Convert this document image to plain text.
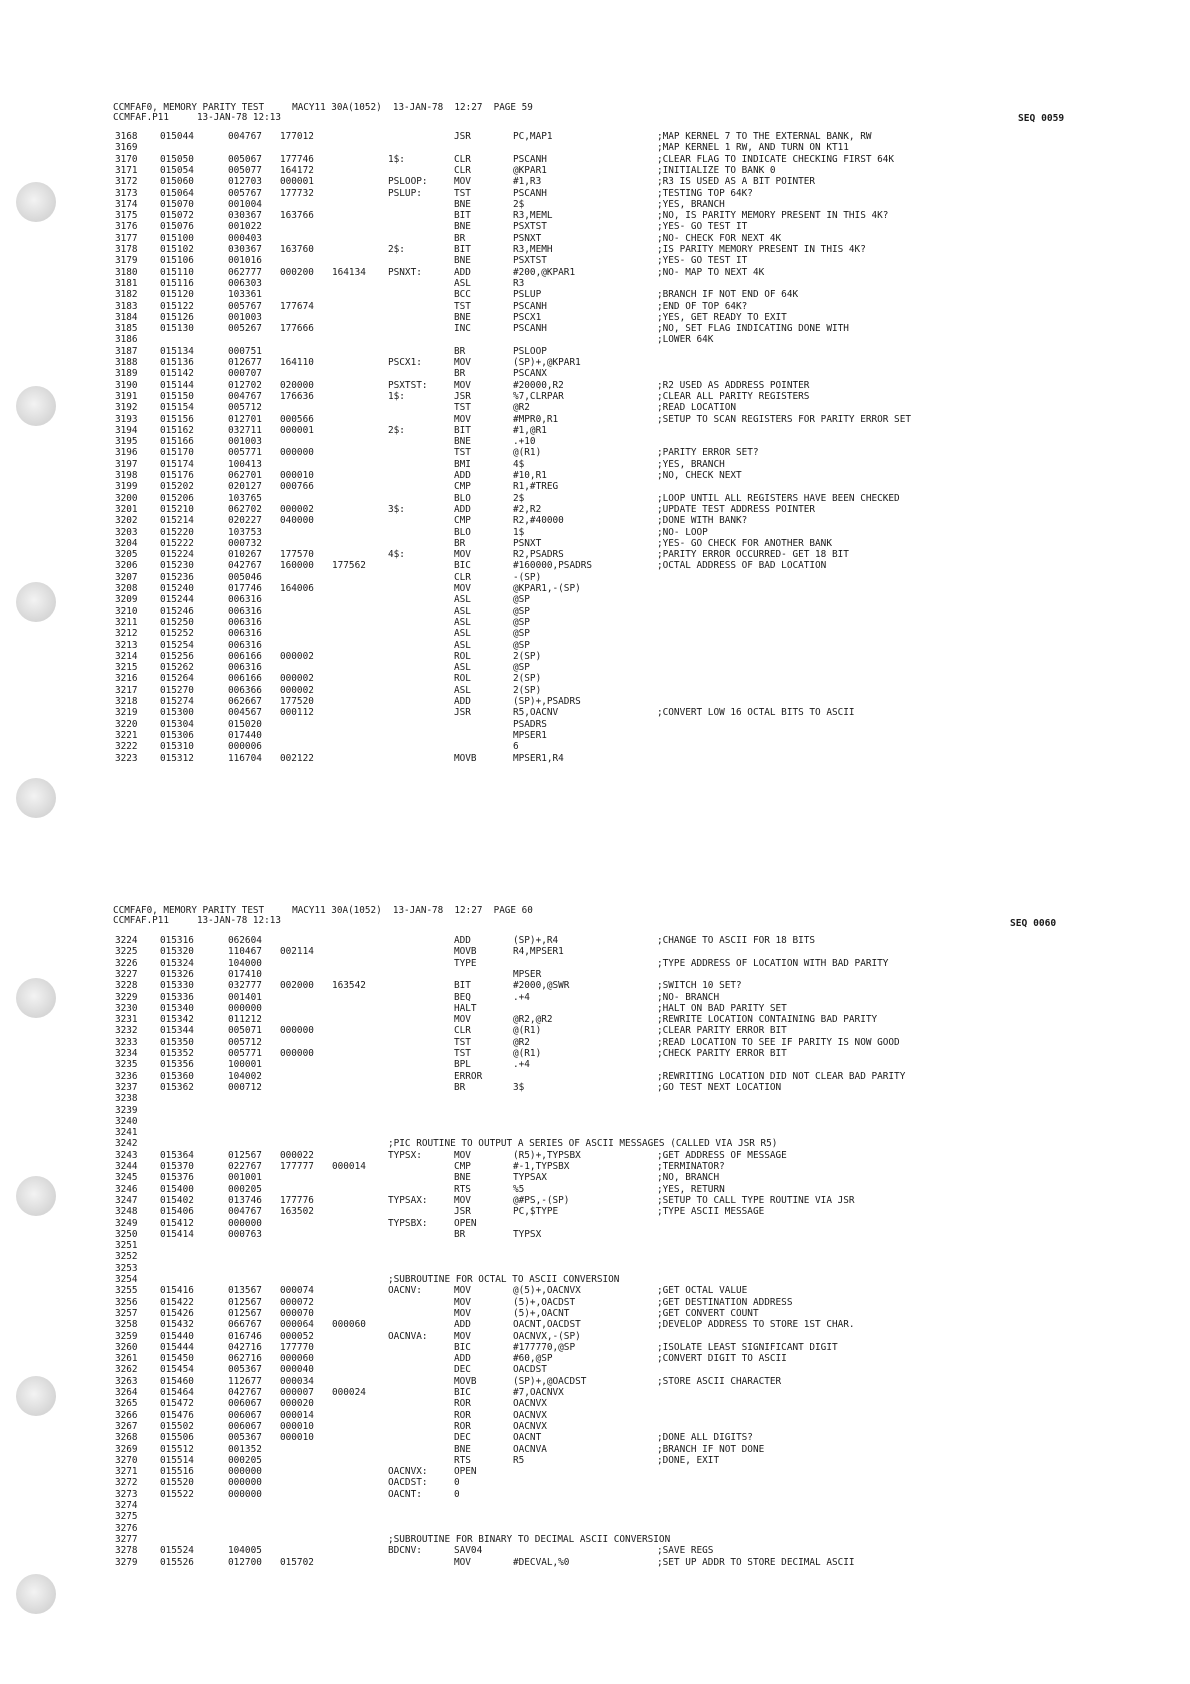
CCMFAF0, MEMORY PARITY TEST     MACY11 30A(1052)  13-JAN-78  12:27  PAGE 59
CCMFAF.P11     13-JAN-78 12:13	SEQ 0059
3168 015044	004767 177012	JSR	PC,MAP1	;MAP KERNEL 7 TO THE EXTERNAL BANK, RW
3169	;MAP KERNEL 1 RW, AND TURN ON KT11
3170 015050	005067 177746	1$:	CLR	PSCANH	;CLEAR FLAG TO INDICATE CHECKING FIRST 64K
3171 015054	005077 164172	CLR	@KPAR1	;INITIALIZE TO BANK 0
3172 015060	012703 000001	PSLOOP:	MOV	#1,R3	;R3 IS USED AS A BIT POINTER
3173 015064	005767 177732	PSLUP:	TST	PSCANH	;TESTING TOP 64K?
3174 015070	001004	BNE	2$	;YES, BRANCH
3175 015072	030367 163766	BIT	R3,MEML	;NO, IS PARITY MEMORY PRESENT IN THIS 4K?
3176 015076	001022	BNE	PSXTST	;YES- GO TEST IT
3177 015100	000403	BR	PSNXT	;NO- CHECK FOR NEXT 4K
3178 015102	030367 163760	2$:	BIT	R3,MEMH	;IS PARITY MEMORY PRESENT IN THIS 4K?
3179 015106	001016	BNE	PSXTST	;YES- GO TEST IT
3180 015110	062777 000200 164134 PSNXT:	ADD	#200,@KPAR1	;NO- MAP TO NEXT 4K
3181 015116	006303	ASL	R3
3182 015120	103361	BCC	PSLUP	;BRANCH IF NOT END OF 64K
3183 015122	005767 177674	TST	PSCANH	;END OF TOP 64K?
3184 015126	001003	BNE	PSCX1	;YES, GET READY TO EXIT
3185 015130	005267 177666	INC	PSCANH	;NO, SET FLAG INDICATING DONE WITH
3186	;LOWER 64K
3187 015134	000751	BR	PSLOOP
3188 015136	012677 164110	PSCX1:	MOV	(SP)+,@KPAR1
3189 015142	000707	BR	PSCANX
3190 015144	012702 020000	PSXTST:	MOV	#20000,R2	;R2 USED AS ADDRESS POINTER
3191 015150	004767 176636	1$:	JSR	%7,CLRPAR	;CLEAR ALL PARITY REGISTERS
3192 015154	005712	TST	@R2	;READ LOCATION
3193 015156	012701 000566	MOV	#MPR0,R1	;SETUP TO SCAN REGISTERS FOR PARITY ERROR SET
3194 015162	032711 000001	2$:	BIT	#1,@R1
3195 015166	001003	BNE	.+10
3196 015170	005771 000000	TST	@(R1)	;PARITY ERROR SET?
3197 015174	100413	BMI	4$	;YES, BRANCH
3198 015176	062701 000010	ADD	#10,R1	;NO, CHECK NEXT
3199 015202	020127 000766	CMP	R1,#TREG
3200 015206	103765	BLO	2$	;LOOP UNTIL ALL REGISTERS HAVE BEEN CHECKED
3201 015210	062702 000002	3$:	ADD	#2,R2	;UPDATE TEST ADDRESS POINTER
3202 015214	020227 040000	CMP	R2,#40000	;DONE WITH BANK?
3203 015220	103753	BLO	1$	;NO- LOOP
3204 015222	000732	BR	PSNXT	;YES- GO CHECK FOR ANOTHER BANK
3205 015224	010267 177570	4$:	MOV	R2,PSADRS	;PARITY ERROR OCCURRED- GET 18 BIT
3206 015230	042767 160000 177562	BIC	#160000,PSADRS	;OCTAL ADDRESS OF BAD LOCATION
3207 015236	005046	CLR	-(SP)
3208 015240	017746 164006	MOV	@KPAR1,-(SP)
3209 015244	006316	ASL	@SP
3210 015246	006316	ASL	@SP
3211 015250	006316	ASL	@SP
3212 015252	006316	ASL	@SP
3213 015254	006316	ASL	@SP
3214 015256	006166 000002	ROL	2(SP)
3215 015262	006316	ASL	@SP
3216 015264	006166 000002	ROL	2(SP)
3217 015270	006366 000002	ASL	2(SP)
3218 015274	062667 177520	ADD	(SP)+,PSADRS
3219 015300	004567 000112	JSR	R5,OACNV	;CONVERT LOW 16 OCTAL BITS TO ASCII
3220 015304	015020	PSADRS
3221 015306	017440	MPSER1
3222 015310	000006	6
3223 015312	116704 002122	MOVB	MPSER1,R4
CCMFAF0, MEMORY PARITY TEST     MACY11 30A(1052)  13-JAN-78  12:27  PAGE 60
CCMFAF.P11     13-JAN-78 12:13	SEQ 0060
3224 015316	062604	ADD	(SP)+,R4	;CHANGE TO ASCII FOR 18 BITS
3225 015320	110467 002114	MOVB	R4,MPSER1
3226 015324	104000	TYPE	;TYPE ADDRESS OF LOCATION WITH BAD PARITY
3227 015326	017410	MPSER
3228 015330	032777 002000 163542	BIT	#2000,@SWR	;SWITCH 10 SET?
3229 015336	001401	BEQ	.+4	;NO- BRANCH
3230 015340	000000	HALT	;HALT ON BAD PARITY SET
3231 015342	011212	MOV	@R2,@R2	;REWRITE LOCATION CONTAINING BAD PARITY
3232 015344	005071 000000	CLR	@(R1)	;CLEAR PARITY ERROR BIT
3233 015350	005712	TST	@R2	;READ LOCATION TO SEE IF PARITY IS NOW GOOD
3234 015352	005771 000000	TST	@(R1)	;CHECK PARITY ERROR BIT
3235 015356	100001	BPL	.+4
3236 015360	104002	ERROR	;REWRITING LOCATION DID NOT CLEAR BAD PARITY
3237 015362	000712	BR	3$	;GO TEST NEXT LOCATION
3238
3239
3240
3241
3242	;PIC ROUTINE TO OUTPUT A SERIES OF ASCII MESSAGES (CALLED VIA JSR R5)
3243 015364	012567 000022	TYPSX:	MOV	(R5)+,TYPSBX	;GET ADDRESS OF MESSAGE
3244 015370	022767 177777 000014	CMP	#-1,TYPSBX	;TERMINATOR?
3245 015376	001001	BNE	TYPSAX	;NO, BRANCH
3246 015400	000205	RTS	%5	;YES, RETURN
3247 015402	013746 177776	TYPSAX:	MOV	@#PS,-(SP)	;SETUP TO CALL TYPE ROUTINE VIA JSR
3248 015406	004767 163502	JSR	PC,$TYPE	;TYPE ASCII MESSAGE
3249 015412	000000	TYPSBX:	OPEN
3250 015414	000763	BR	TYPSX
3251
3252
3253
3254	;SUBROUTINE FOR OCTAL TO ASCII CONVERSION
3255 015416	013567 000074	OACNV:	MOV	@(5)+,OACNVX	;GET OCTAL VALUE
3256 015422	012567 000072	MOV	(5)+,OACDST	;GET DESTINATION ADDRESS
3257 015426	012567 000070	MOV	(5)+,OACNT	;GET CONVERT COUNT
3258 015432	066767 000064 000060	ADD	OACNT,OACDST	;DEVELOP ADDRESS TO STORE 1ST CHAR.
3259 015440	016746 000052	OACNVA:	MOV	OACNVX,-(SP)
3260 015444	042716 177770	BIC	#177770,@SP	;ISOLATE LEAST SIGNIFICANT DIGIT
3261 015450	062716 000060	ADD	#60,@SP	;CONVERT DIGIT TO ASCII
3262 015454	005367 000040	DEC	OACDST
3263 015460	112677 000034	MOVB	(SP)+,@OACDST	;STORE ASCII CHARACTER
3264 015464	042767 000007 000024	BIC	#7,OACNVX
3265 015472	006067 000020	ROR	OACNVX
3266 015476	006067 000014	ROR	OACNVX
3267 015502	006067 000010	ROR	OACNVX
3268 015506	005367 000010	DEC	OACNT	;DONE ALL DIGITS?
3269 015512	001352	BNE	OACNVA	;BRANCH IF NOT DONE
3270 015514	000205	RTS	R5	;DONE, EXIT
3271 015516	000000	OACNVX:	OPEN
3272 015520	000000	OACDST:	0
3273 015522	000000	OACNT:	0
3274
3275
3276
3277	;SUBROUTINE FOR BINARY TO DECIMAL ASCII CONVERSION
3278 015524	104005	BDCNV:	SAV04	;SAVE REGS
3279 015526	012700 015702	MOV	#DECVAL,%0	;SET UP ADDR TO STORE DECIMAL ASCII
